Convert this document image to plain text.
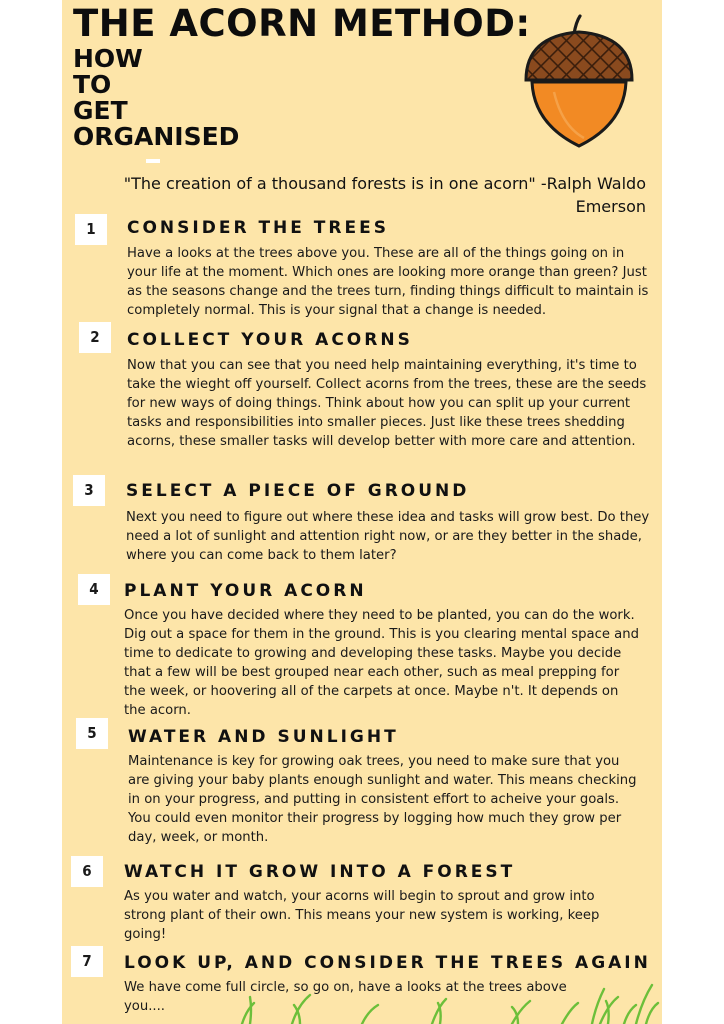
THE ACORN METHOD:
HOW
TO
GET
ORGANISED
"The creation of a thousand forests is in one acorn" -Ralph Waldo Emerson
1	CONSIDER THE TREES
Have a looks at the trees above you. These are all of the things going on in your life at the moment. Which ones are looking more orange than green? Just as the seasons change and the trees turn, finding things difficult to maintain is completely normal. This is your signal that a change is needed.
2	COLLECT YOUR ACORNS
Now that you can see that you need help maintaining everything, it's time to take the wieght off yourself. Collect acorns from the trees, these are the seeds for new ways of doing things. Think about how you can split up your current tasks and responsibilities into smaller pieces. Just like these trees shedding acorns, these smaller tasks will develop better with more care and attention.
3	SELECT A PIECE OF GROUND
Next you need to figure out where these idea and tasks will grow best. Do they need a lot of sunlight and attention right now, or are they better in the shade, where you can come back to them later?
4	PLANT YOUR ACORN
Once you have decided where they need to be planted, you can do the work. Dig out a space for them in the ground. This is you clearing mental space and time to dedicate to growing and developing these tasks. Maybe you decide that a few will be best grouped near each other, such as meal prepping for the week, or hoovering all of the carpets at once. Maybe n't. It depends on the acorn.
5	WATER AND SUNLIGHT
Maintenance is key for growing oak trees, you need to make sure that you are giving your baby plants enough sunlight and water. This means checking in on your progress, and putting in consistent effort to acheive your goals. You could even monitor their progress by logging how much they grow per day, week, or month.
6	WATCH IT GROW INTO A FOREST
As you water and watch, your acorns will begin to sprout and grow into strong plant of their own. This means your new system is working, keep going!
7	LOOK UP, AND CONSIDER THE TREES AGAIN
We have come full circle, so go on, have a looks at the trees above you....
